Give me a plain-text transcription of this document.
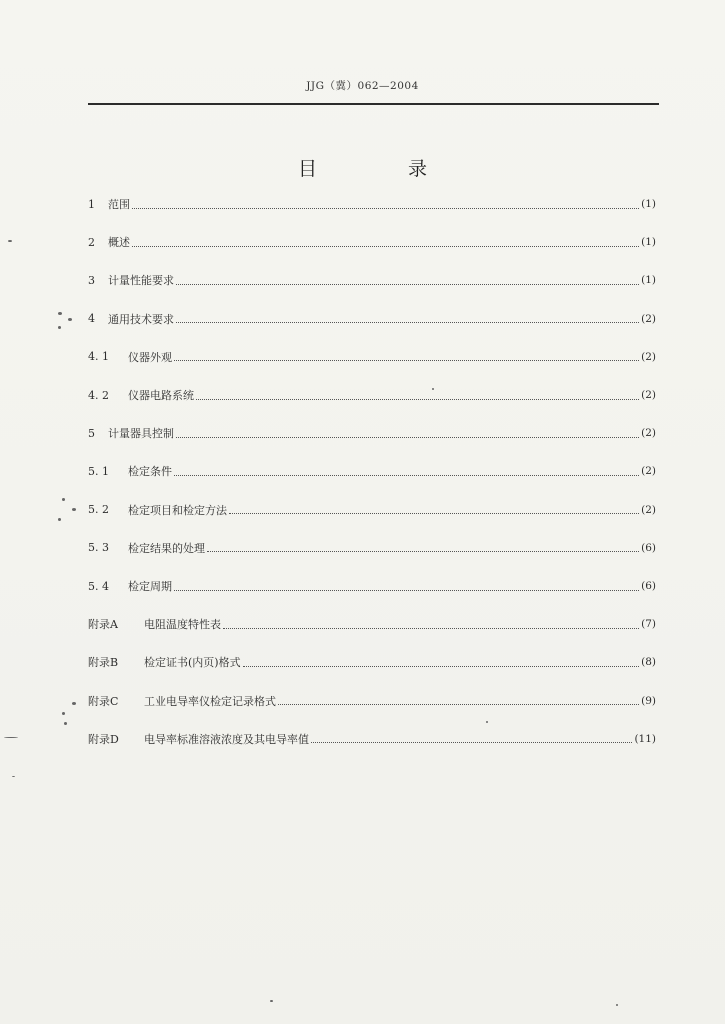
JJG（冀）062—2004
目　录
1	范围	(1)
2	概述	(1)
3	计量性能要求	(1)
4	通用技术要求	(2)
4. 1	仪器外观	(2)
4. 2	仪器电路系统	(2)
5	计量器具控制	(2)
5. 1	检定条件	(2)
5. 2	检定项目和检定方法	(2)
5. 3	检定结果的处理	(6)
5. 4	检定周期	(6)
附录A	电阻温度特性表	(7)
附录B	检定证书(内页)格式	(8)
附录C	工业电导率仪检定记录格式	(9)
附录D	电导率标准溶液浓度及其电导率值	(11)
